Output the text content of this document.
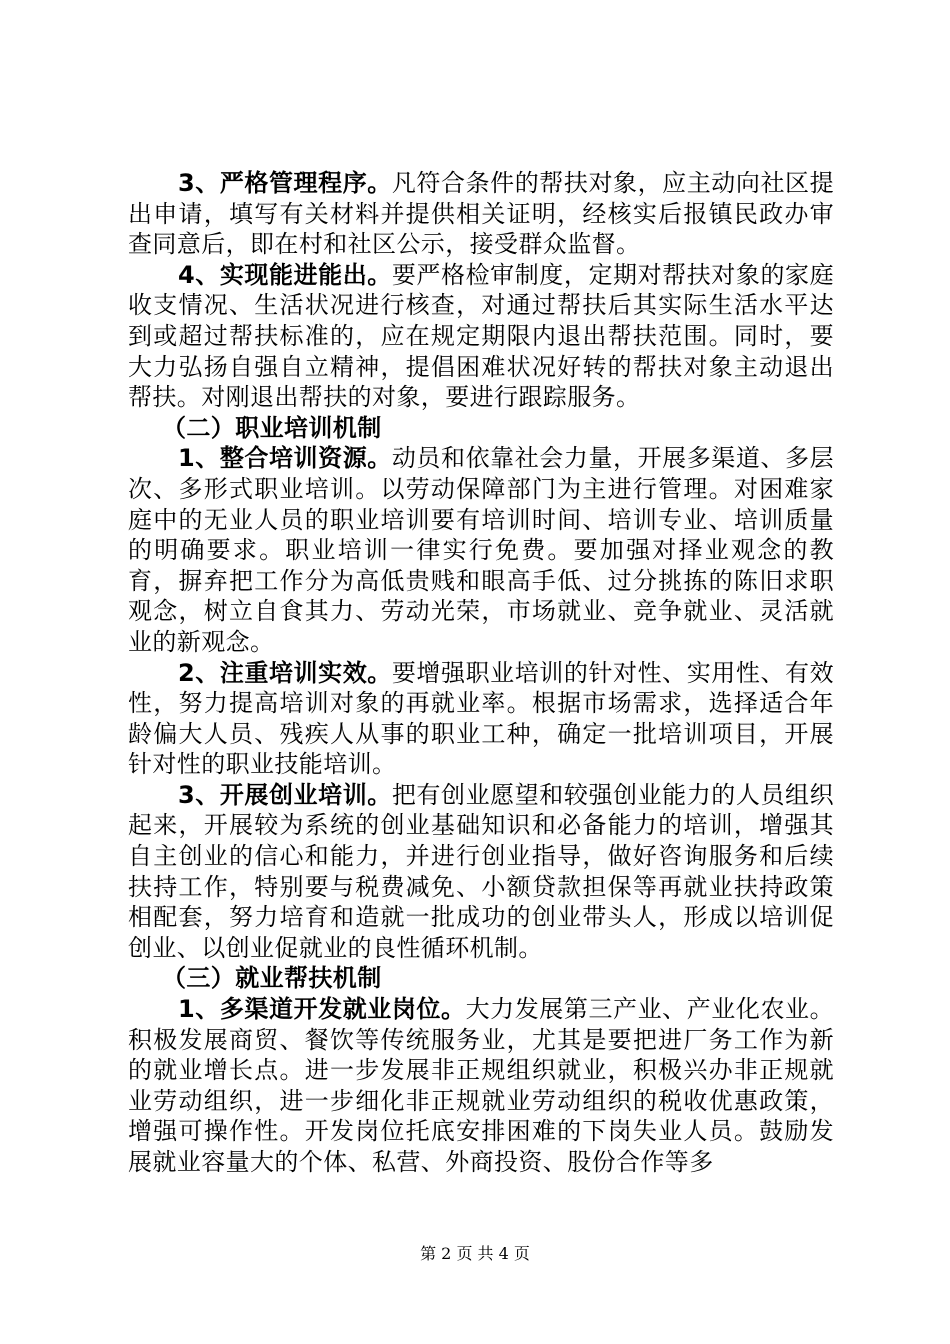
3、严格管理程序。凡符合条件的帮扶对象，应主动向社区提出申请，填写有关材料并提供相关证明，经核实后报镇民政办审查同意后，即在村和社区公示，接受群众监督。

4、实现能进能出。要严格检审制度，定期对帮扶对象的家庭收支情况、生活状况进行核查，对通过帮扶后其实际生活水平达到或超过帮扶标准的，应在规定期限内退出帮扶范围。同时，要大力弘扬自强自立精神，提倡困难状况好转的帮扶对象主动退出帮扶。对刚退出帮扶的对象，要进行跟踪服务。

（二）职业培训机制

1、整合培训资源。动员和依靠社会力量，开展多渠道、多层次、多形式职业培训。以劳动保障部门为主进行管理。对困难家庭中的无业人员的职业培训要有培训时间、培训专业、培训质量的明确要求。职业培训一律实行免费。要加强对择业观念的教育，摒弃把工作分为高低贵贱和眼高手低、过分挑拣的陈旧求职观念，树立自食其力、劳动光荣，市场就业、竞争就业、灵活就业的新观念。

2、注重培训实效。要增强职业培训的针对性、实用性、有效性，努力提高培训对象的再就业率。根据市场需求，选择适合年龄偏大人员、残疾人从事的职业工种，确定一批培训项目，开展针对性的职业技能培训。

3、开展创业培训。把有创业愿望和较强创业能力的人员组织起来，开展较为系统的创业基础知识和必备能力的培训，增强其自主创业的信心和能力，并进行创业指导，做好咨询服务和后续扶持工作，特别要与税费减免、小额贷款担保等再就业扶持政策相配套，努力培育和造就一批成功的创业带头人，形成以培训促创业、以创业促就业的良性循环机制。

（三）就业帮扶机制

1、多渠道开发就业岗位。大力发展第三产业、产业化农业。积极发展商贸、餐饮等传统服务业，尤其是要把进厂务工作为新的就业增长点。进一步发展非正规组织就业，积极兴办非正规就业劳动组织，进一步细化非正规就业劳动组织的税收优惠政策，增强可操作性。开发岗位托底安排困难的下岗失业人员。鼓励发展就业容量大的个体、私营、外商投资、股份合作等多

第 2 页 共 4 页
